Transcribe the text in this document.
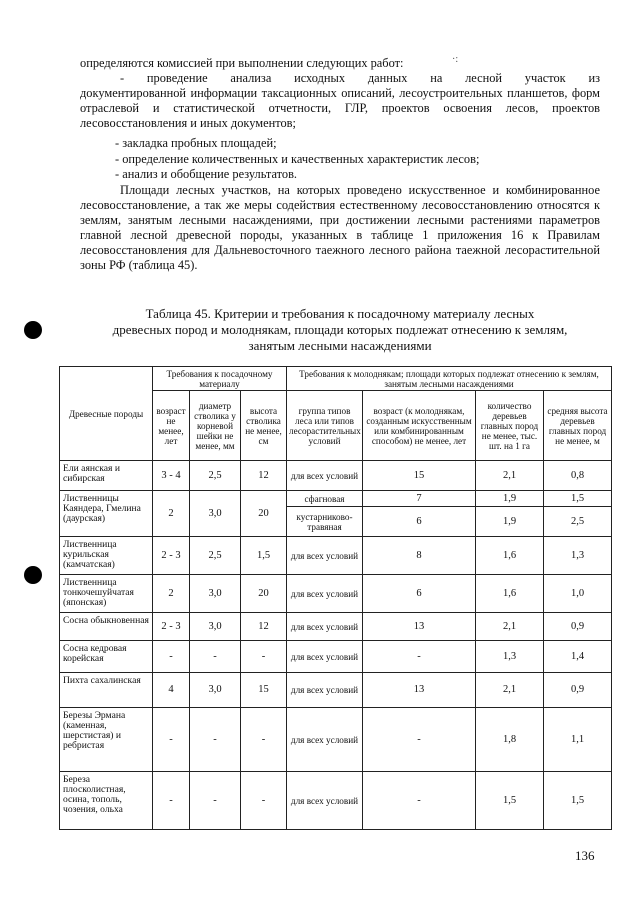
·:
определяются комиссией при выполнении следующих работ:
- проведение анализа исходных данных на лесной участок из
документированной информации таксационных описаний, лесоустроительных планшетов, форм отраслевой и статистической отчетности, ГЛР, проектов освоения лесов, проектов лесовосстановления и иных документов;
- закладка пробных площадей;
- определение количественных и качественных характеристик лесов;
- анализ и обобщение результатов.
Площади лесных участков, на которых проведено искусственное и комбинированное лесовосстановление, а так же меры содействия естественному лесовосстановлению относятся к землям, занятым лесными насаждениями, при достижении лесными растениями параметров главной лесной древесной породы, указанных в таблице 1 приложения 16 к Правилам лесовосстановления для Дальневосточного таежного лесного района таежной лесорастительной зоны РФ (таблица 45).
Таблица 45. Критерии и требования к посадочному материалу лесных
древесных пород и молоднякам, площади которых подлежат отнесению к землям,
занятым лесными насаждениями
Древесные породы	Требования к посадочному материалу			Требования к молоднякам; площади которых подлежат отнесению к землям, занятым лесными насаждениями			
	возраст не менее, лет	диаметр стволика у корневой шейки не менее, мм	высота стволика не менее, см	группа типов леса или типов лесорастительных условий	возраст (к молоднякам, созданным искусственным или комбинированным способом) не менее, лет	количество деревьев главных пород не менее, тыс. шт. на 1 га	средняя высота деревьев главных пород не менее, м
Ели аянская и сибирская	3 - 4	2,5	12	для всех условий	15	2,1	0,8
Лиственницы Каяндера, Гмелина (даурская)	2	3,0	20	сфагновая	7	1,9	1,5
				кустарниково-травяная	6	1,9	2,5
Лиственница курильская (камчатская)	2 - 3	2,5	1,5	для всех условий	8	1,6	1,3
Лиственница тонкочешуйчатая (японская)	2	3,0	20	для всех условий	6	1,6	1,0
Сосна обыкновенная	2 - 3	3,0	12	для всех условий	13	2,1	0,9
Сосна кедровая корейская	-	-	-	для всех условий	-	1,3	1,4
Пихта сахалинская	4	3,0	15	для всех условий	13	2,1	0,9
Березы Эрмана (каменная, шерстистая) и ребристая	-	-	-	для всех условий	-	1,8	1,1
Береза плосколистная, осина, тополь, чозения, ольха	-	-	-	для всех условий	-	1,5	1,5
136
